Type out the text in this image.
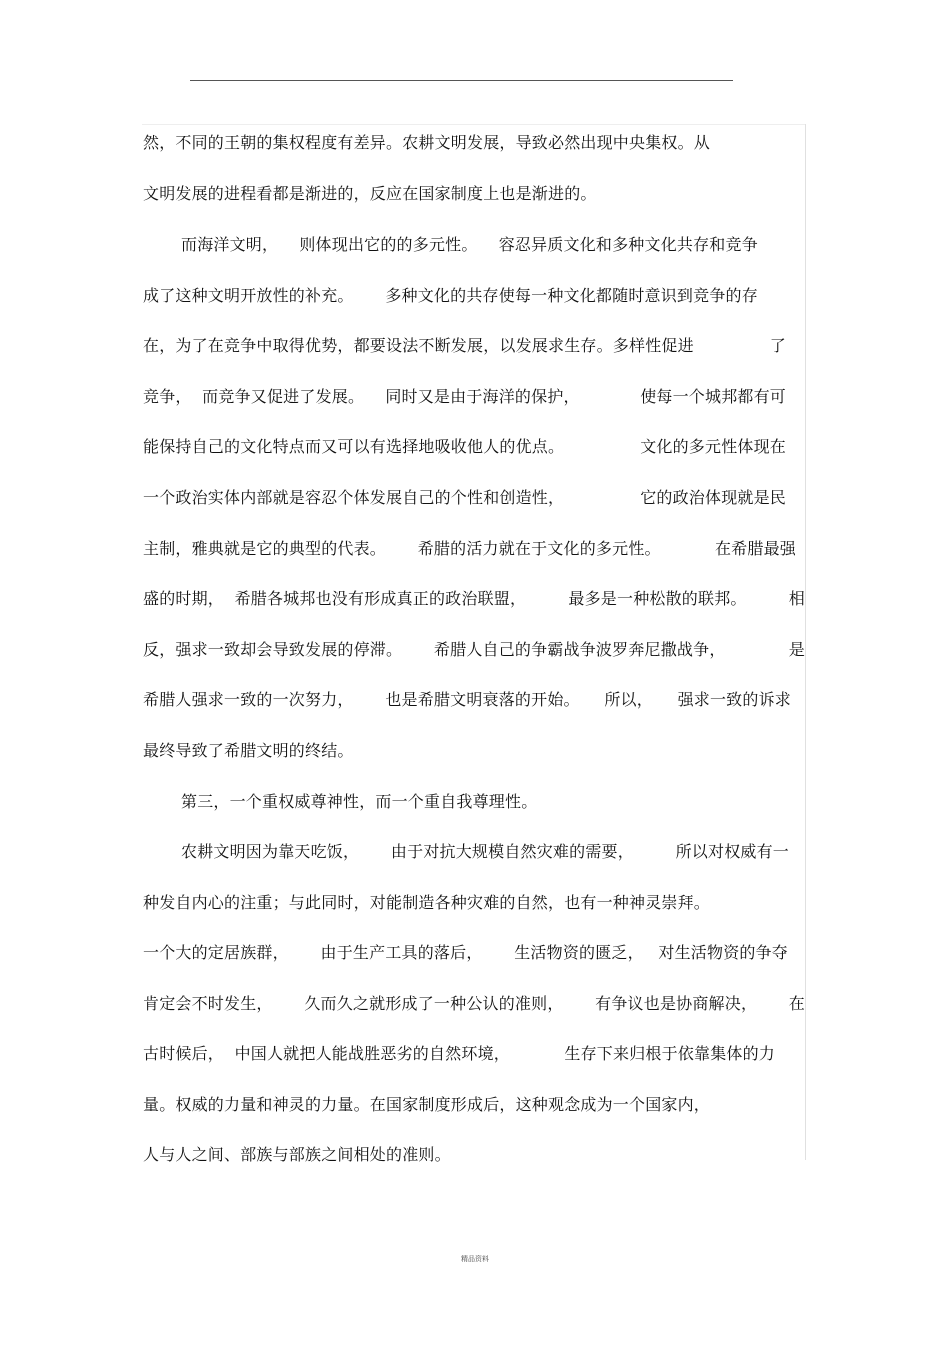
然，不同的王朝的集权程度有差异。农耕文明发展，导致必然出现中央集权。从
文明发展的进程看都是渐进的，反应在国家制度上也是渐进的。
而海洋文明，    则体现出它的的多元性。    容忍异质文化和多种文化共存和竞争
成了这种文明开放性的补充。      多种文化的共存使每一种文化都随时意识到竞争的存
在，为了在竞争中取得优势，都要设法不断发展，以发展求生存。多样性促进	了
竞争，  而竞争又促进了发展。    同时又是由于海洋的保护，	使每一个城邦都有可
能保持自己的文化特点而又可以有选择地吸收他人的优点。	文化的多元性体现在
一个政治实体内部就是容忍个体发展自己的个性和创造性，	它的政治体现就是民
主制，雅典就是它的典型的代表。      希腊的活力就在于文化的多元性。	在希腊最强
盛的时期，  希腊各城邦也没有形成真正的政治联盟，	最多是一种松散的联邦。	相
反，强求一致却会导致发展的停滞。      希腊人自己的争霸战争波罗奔尼撒战争，	是
希腊人强求一致的一次努力，      也是希腊文明衰落的开始。 所以， 强求一致的诉求
最终导致了希腊文明的终结。
第三，一个重权威尊神性，而一个重自我尊理性。
农耕文明因为靠天吃饭，      由于对抗大规模自然灾难的需要，	所以对权威有一
种发自内心的注重；与此同时，对能制造各种灾难的自然，也有一种神灵崇拜。
一个大的定居族群，      由于生产工具的落后，      生活物资的匮乏， 对生活物资的争夺
肯定会不时发生，      久而久之就形成了一种公认的准则， 有争议也是协商解决， 在
古时候后，  中国人就把人能战胜恶劣的自然环境，	生存下来归根于依靠集体的力
量。权威的力量和神灵的力量。在国家制度形成后，这种观念成为一个国家内，
人与人之间、部族与部族之间相处的准则。
精品资料
